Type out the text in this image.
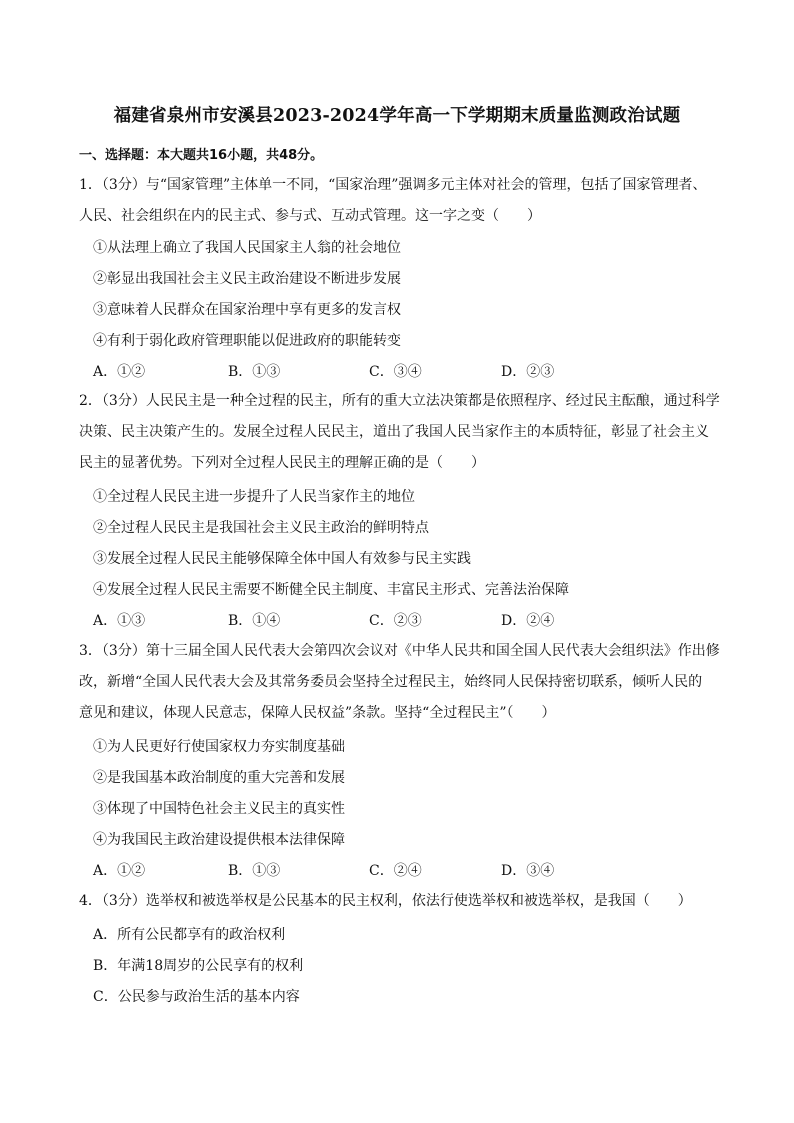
福建省泉州市安溪县2023-2024学年高一下学期期末质量监测政治试题
一、选择题：本大题共16小题，共48分。
1．（3分）与“国家管理”主体单一不同，“国家治理”强调多元主体对社会的管理，包括了国家管理者、
人民、社会组织在内的民主式、参与式、互动式管理。这一字之变（　　）
①从法理上确立了我国人民国家主人翁的社会地位
②彰显出我国社会主义民主政治建设不断进步发展
③意味着人民群众在国家治理中享有更多的发言权
④有利于弱化政府管理职能以促进政府的职能转变
A．①②	B．①③	C．③④	D．②③
2．（3分）人民民主是一种全过程的民主，所有的重大立法决策都是依照程序、经过民主酝酿，通过科学
决策、民主决策产生的。发展全过程人民民主，道出了我国人民当家作主的本质特征，彰显了社会主义
民主的显著优势。下列对全过程人民民主的理解正确的是（　　）
①全过程人民民主进一步提升了人民当家作主的地位
②全过程人民民主是我国社会主义民主政治的鲜明特点
③发展全过程人民民主能够保障全体中国人有效参与民主实践
④发展全过程人民民主需要不断健全民主制度、丰富民主形式、完善法治保障
A．①③	B．①④	C．②③	D．②④
3．（3分）第十三届全国人民代表大会第四次会议对《中华人民共和国全国人民代表大会组织法》作出修
改，新增“全国人民代表大会及其常务委员会坚持全过程民主，始终同人民保持密切联系，倾听人民的
意见和建议，体现人民意志，保障人民权益”条款。坚持“全过程民主”（　　）
①为人民更好行使国家权力夯实制度基础
②是我国基本政治制度的重大完善和发展
③体现了中国特色社会主义民主的真实性
④为我国民主政治建设提供根本法律保障
A．①②	B．①③	C．②④	D．③④
4．（3分）选举权和被选举权是公民基本的民主权利，依法行使选举权和被选举权，是我国（　　）
A．所有公民都享有的政治权利
B．年满18周岁的公民享有的权利
C．公民参与政治生活的基本内容
